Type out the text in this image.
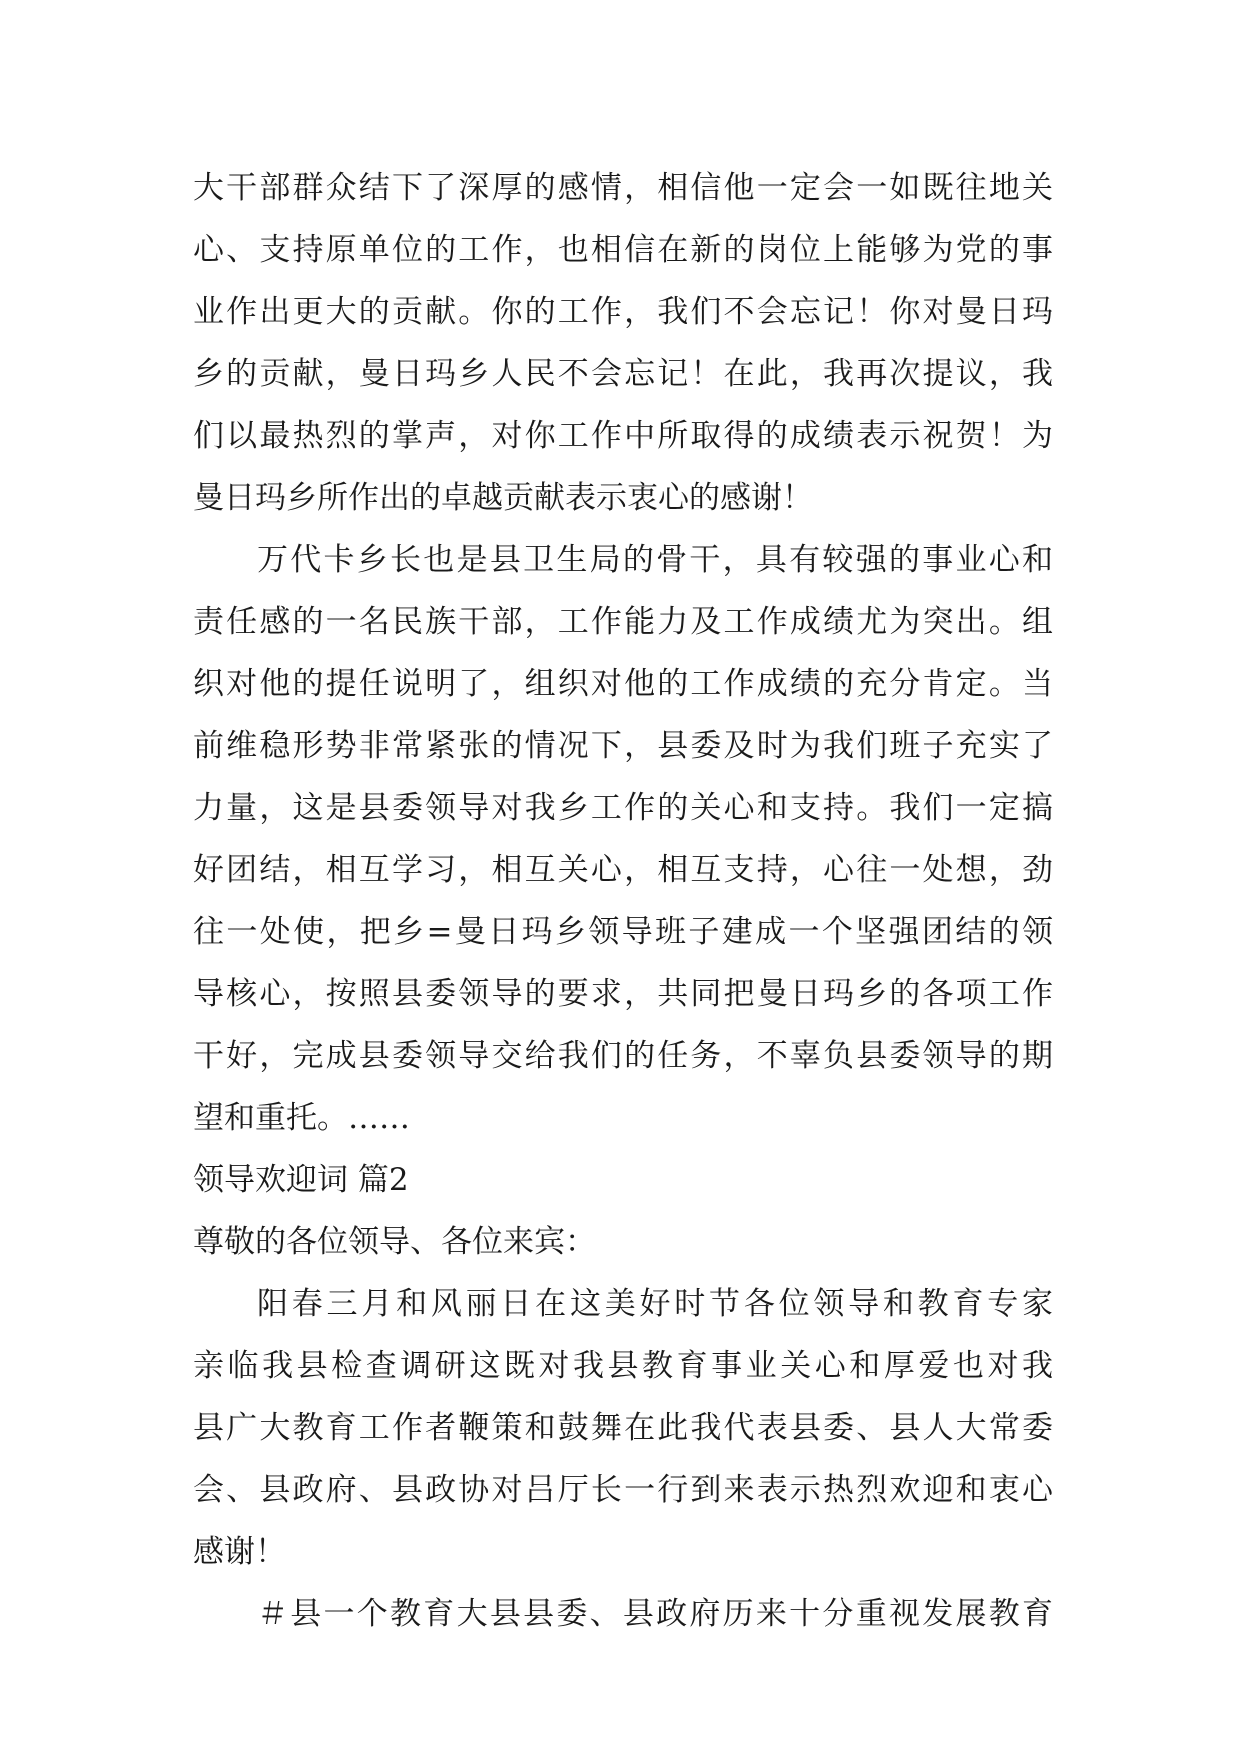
大干部群众结下了深厚的感情，相信他一定会一如既往地关
心、支持原单位的工作，也相信在新的岗位上能够为党的事
业作出更大的贡献。你的工作，我们不会忘记！你对曼日玛
乡的贡献，曼日玛乡人民不会忘记！在此，我再次提议，我
们以最热烈的掌声，对你工作中所取得的成绩表示祝贺！为
曼日玛乡所作出的卓越贡献表示衷心的感谢！
万代卡乡长也是县卫生局的骨干，具有较强的事业心和
责任感的一名民族干部，工作能力及工作成绩尤为突出。组
织对他的提任说明了，组织对他的工作成绩的充分肯定。当
前维稳形势非常紧张的情况下，县委及时为我们班子充实了
力量，这是县委领导对我乡工作的关心和支持。我们一定搞
好团结，相互学习，相互关心，相互支持，心往一处想，劲
往一处使，把乡=曼日玛乡领导班子建成一个坚强团结的领
导核心，按照县委领导的要求，共同把曼日玛乡的各项工作
干好，完成县委领导交给我们的任务，不辜负县委领导的期
望和重托。……
领导欢迎词 篇2
尊敬的各位领导、各位来宾：
阳春三月和风丽日在这美好时节各位领导和教育专家
亲临我县检查调研这既对我县教育事业关心和厚爱也对我
县广大教育工作者鞭策和鼓舞在此我代表县委、县人大常委
会、县政府、县政协对吕厅长一行到来表示热烈欢迎和衷心
感谢！
＃县一个教育大县县委、县政府历来十分重视发展教育
